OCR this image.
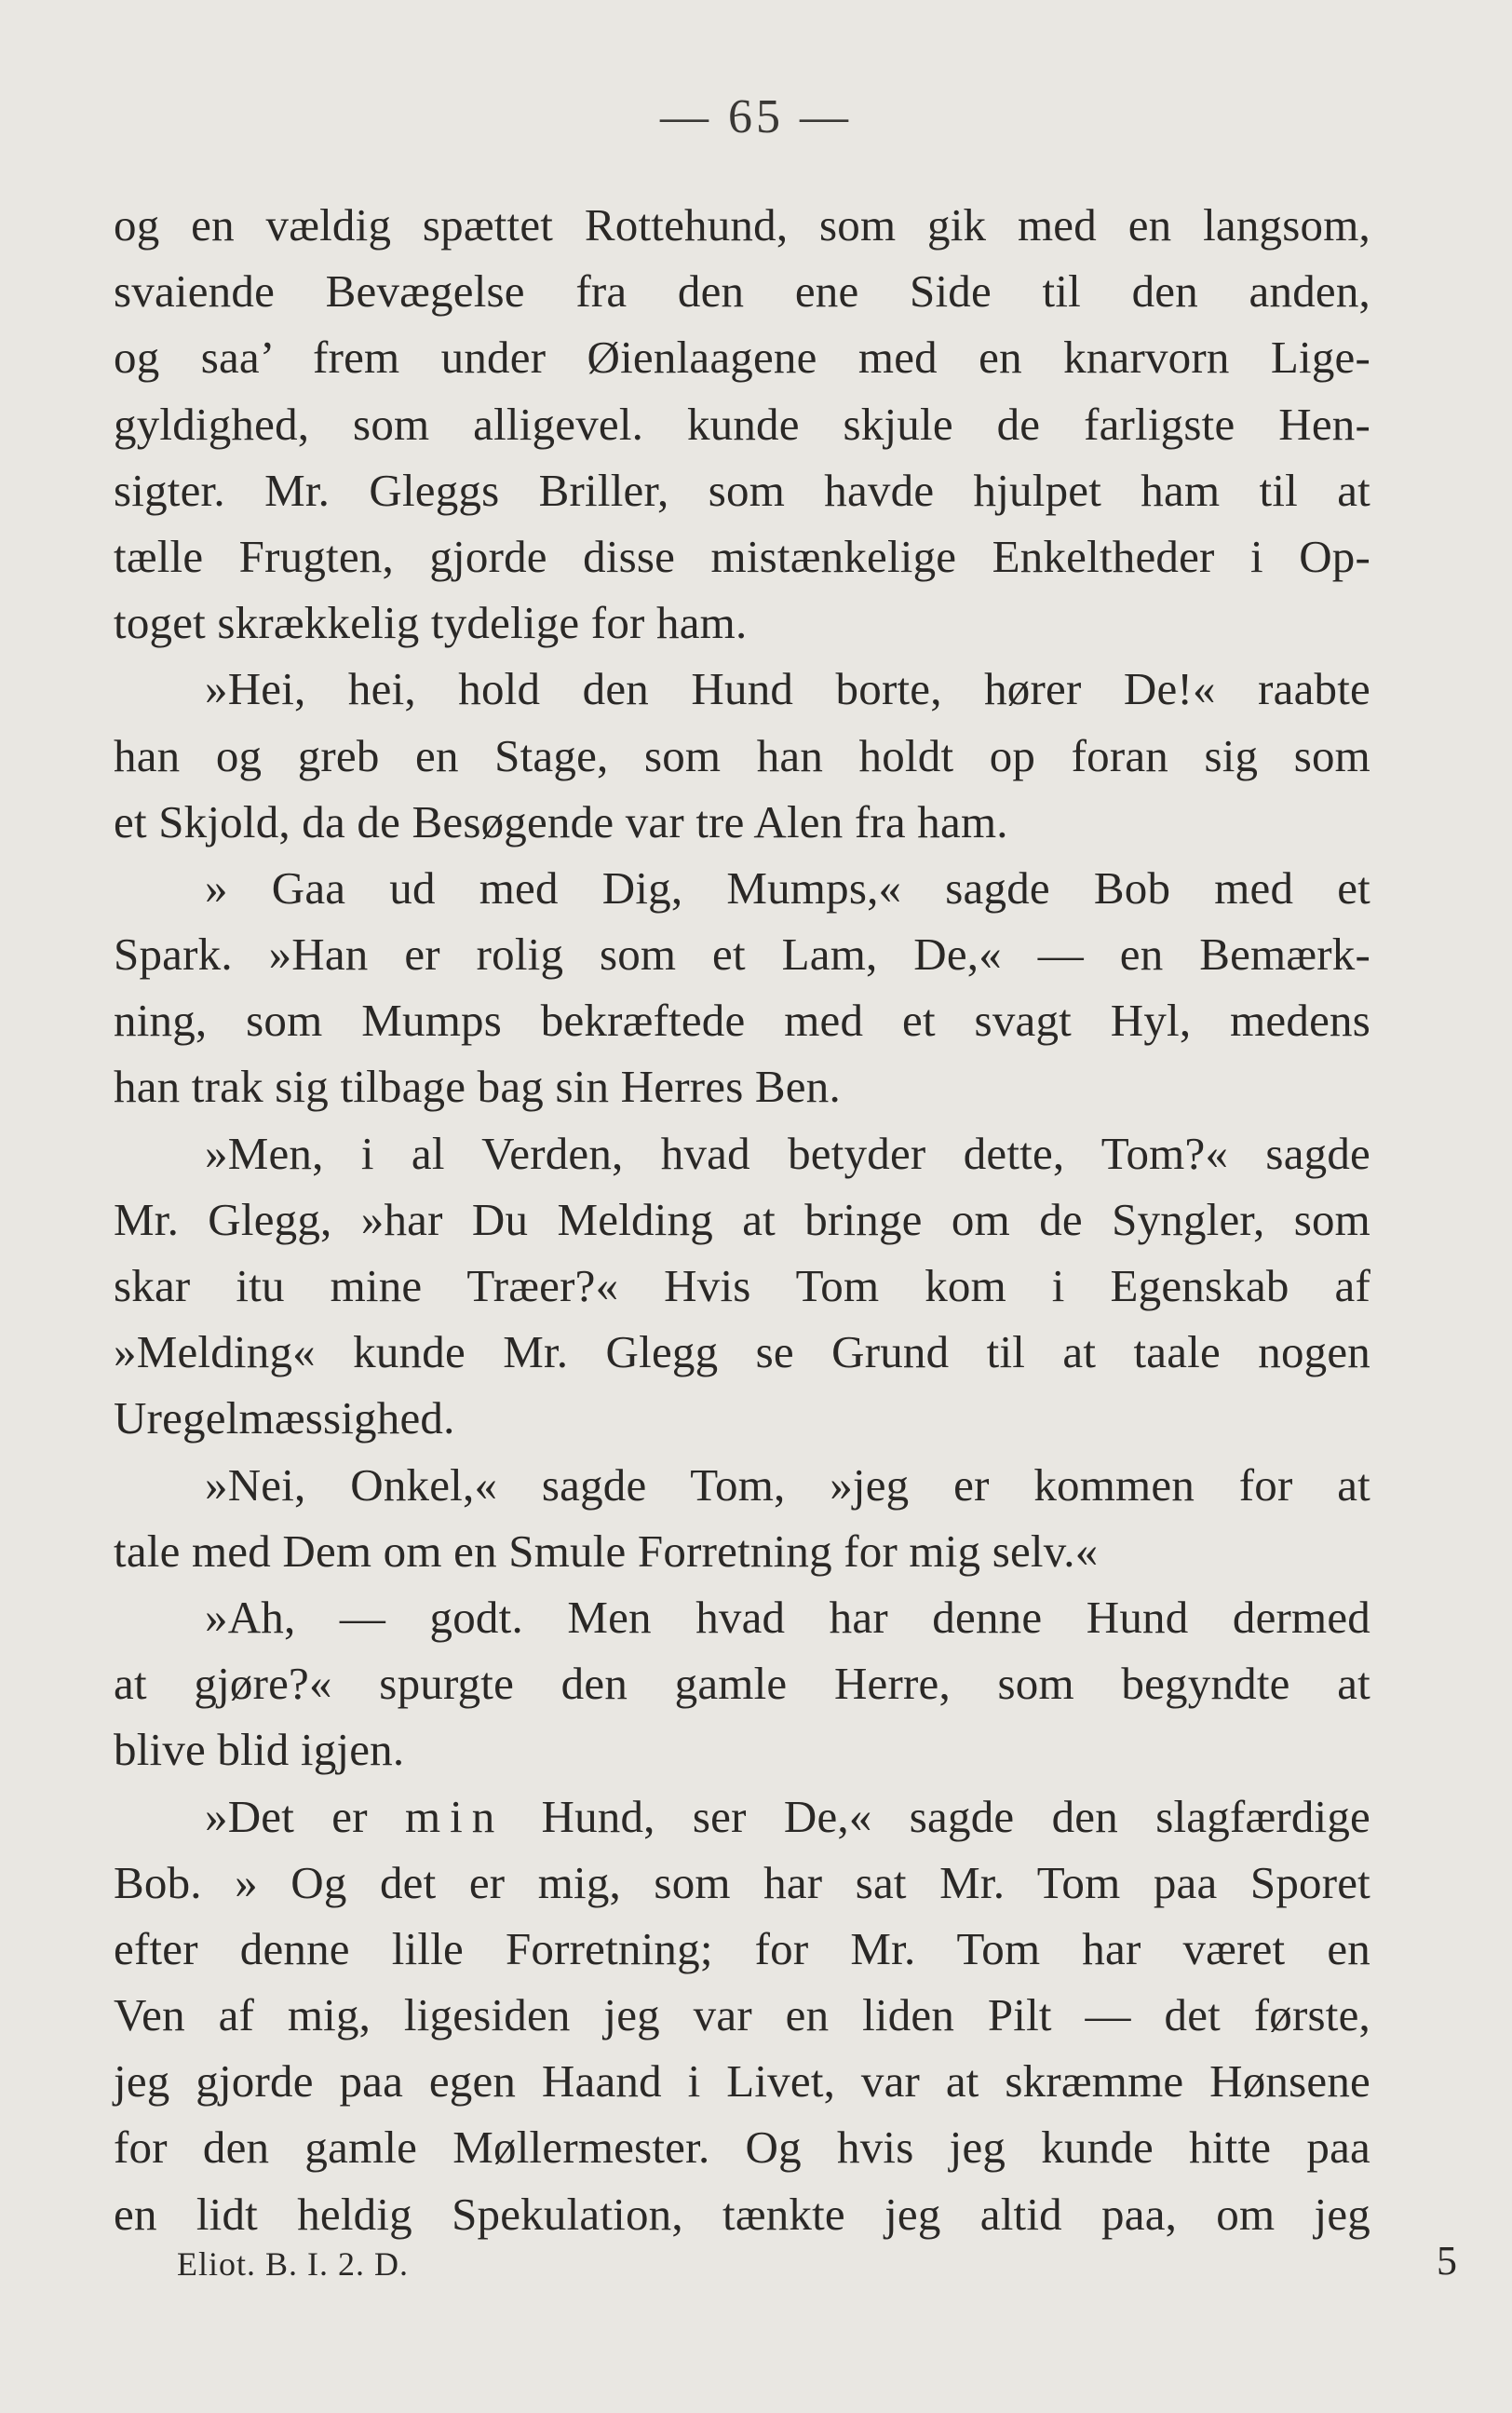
— 65 —
og en vældig spættet Rottehund, som gik med en langsom,
svaiende Bevægelse fra den ene Side til den anden,
og saa’ frem under Øienlaagene med en knarvorn Lige-
gyldighed, som alligevel. kunde skjule de farligste Hen-
sigter. Mr. Gleggs Briller, som havde hjulpet ham til at
tælle Frugten, gjorde disse mistænkelige Enkeltheder i Op-
toget skrækkelig tydelige for ham.
»Hei, hei, hold den Hund borte, hører De!« raabte
han og greb en Stage, som han holdt op foran sig som
et Skjold, da de Besøgende var tre Alen fra ham.
» Gaa ud med Dig, Mumps,« sagde Bob med et
Spark. »Han er rolig som et Lam, De,« — en Bemærk-
ning, som Mumps bekræftede med et svagt Hyl, medens
han trak sig tilbage bag sin Herres Ben.
»Men, i al Verden, hvad betyder dette, Tom?« sagde
Mr. Glegg, »har Du Melding at bringe om de Syngler, som
skar itu mine Træer?« Hvis Tom kom i Egenskab af
»Melding« kunde Mr. Glegg se Grund til at taale nogen
Uregelmæssighed.
»Nei, Onkel,« sagde Tom, »jeg er kommen for at
tale med Dem om en Smule Forretning for mig selv.«
»Ah, — godt. Men hvad har denne Hund dermed
at gjøre?« spurgte den gamle Herre, som begyndte at
blive blid igjen.
»Det er min Hund, ser De,« sagde den slagfærdige
Bob. » Og det er mig, som har sat Mr. Tom paa Sporet
efter denne lille Forretning; for Mr. Tom har været en
Ven af mig, ligesiden jeg var en liden Pilt — det første,
jeg gjorde paa egen Haand i Livet, var at skræmme Hønsene
for den gamle Møllermester. Og hvis jeg kunde hitte paa
en lidt heldig Spekulation, tænkte jeg altid paa, om jeg
Eliot. B. I. 2. D.	5
